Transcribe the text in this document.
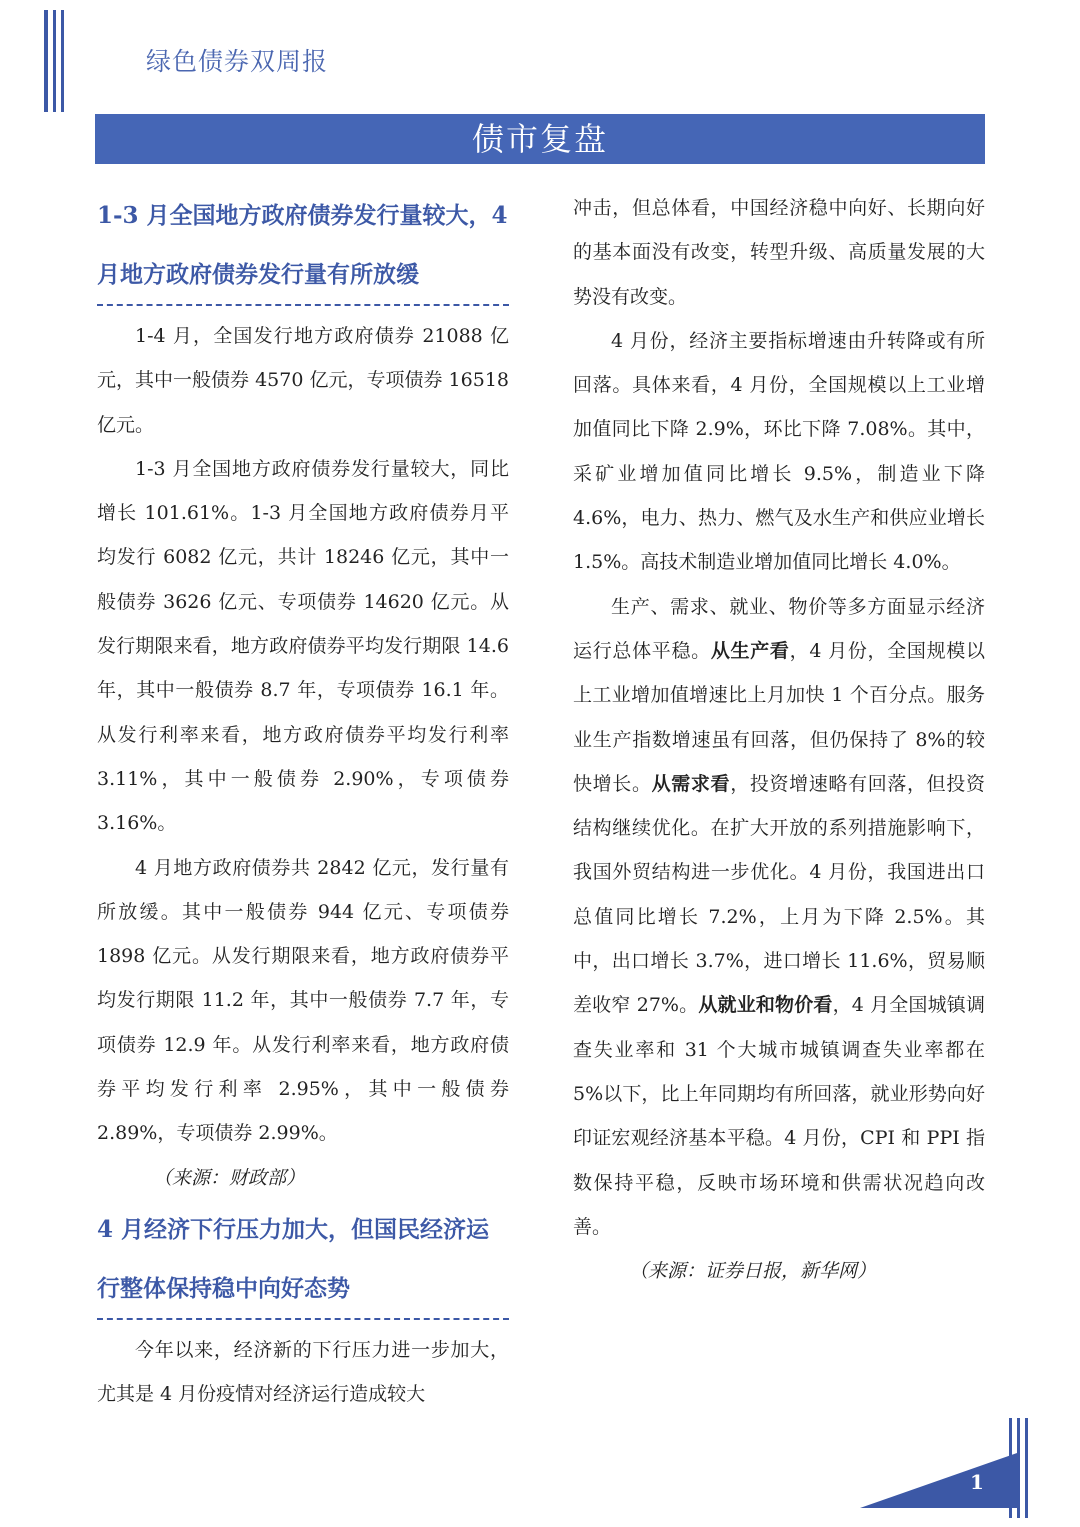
绿色债券双周报
债市复盘
1-3 月全国地方政府债券发行量较大，4 月地方政府债券发行量有所放缓

1-4 月，全国发行地方政府债券 21088 亿元，其中一般债券 4570 亿元，专项债券 16518 亿元。

1-3 月全国地方政府债券发行量较大，同比增长 101.61%。1-3 月全国地方政府债券月平均发行 6082 亿元，共计 18246 亿元，其中一般债券 3626 亿元、专项债券 14620 亿元。从发行期限来看，地方政府债券平均发行期限 14.6 年，其中一般债券 8.7 年，专项债券 16.1 年。从发行利率来看，地方政府债券平均发行利率 3.11%，其中一般债券 2.90%，专项债券 3.16%。

4 月地方政府债券共 2842 亿元，发行量有所放缓。其中一般债券 944 亿元、专项债券 1898 亿元。从发行期限来看，地方政府债券平均发行期限 11.2 年，其中一般债券 7.7 年，专项债券 12.9 年。从发行利率来看，地方政府债券平均发行利率 2.95%，其中一般债券 2.89%，专项债券 2.99%。

（来源：财政部）

4 月经济下行压力加大，但国民经济运行整体保持稳中向好态势

今年以来，经济新的下行压力进一步加大，尤其是 4 月份疫情对经济运行造成较大

冲击，但总体看，中国经济稳中向好、长期向好的基本面没有改变，转型升级、高质量发展的大势没有改变。

4 月份，经济主要指标增速由升转降或有所回落。具体来看，4 月份，全国规模以上工业增加值同比下降 2.9%，环比下降 7.08%。其中，采矿业增加值同比增长 9.5%，制造业下降 4.6%，电力、热力、燃气及水生产和供应业增长 1.5%。高技术制造业增加值同比增长 4.0%。

生产、需求、就业、物价等多方面显示经济运行总体平稳。从生产看，4 月份，全国规模以上工业增加值增速比上月加快 1 个百分点。服务业生产指数增速虽有回落，但仍保持了 8%的较快增长。从需求看，投资增速略有回落，但投资结构继续优化。在扩大开放的系列措施影响下，我国外贸结构进一步优化。4 月份，我国进出口总值同比增长 7.2%，上月为下降 2.5%。其中，出口增长 3.7%，进口增长 11.6%，贸易顺差收窄 27%。从就业和物价看，4 月全国城镇调查失业率和 31 个大城市城镇调查失业率都在 5%以下，比上年同期均有所回落，就业形势向好印证宏观经济基本平稳。4 月份，CPI 和 PPI 指数保持平稳，反映市场环境和供需状况趋向改善。

（来源：证券日报，新华网）

1
